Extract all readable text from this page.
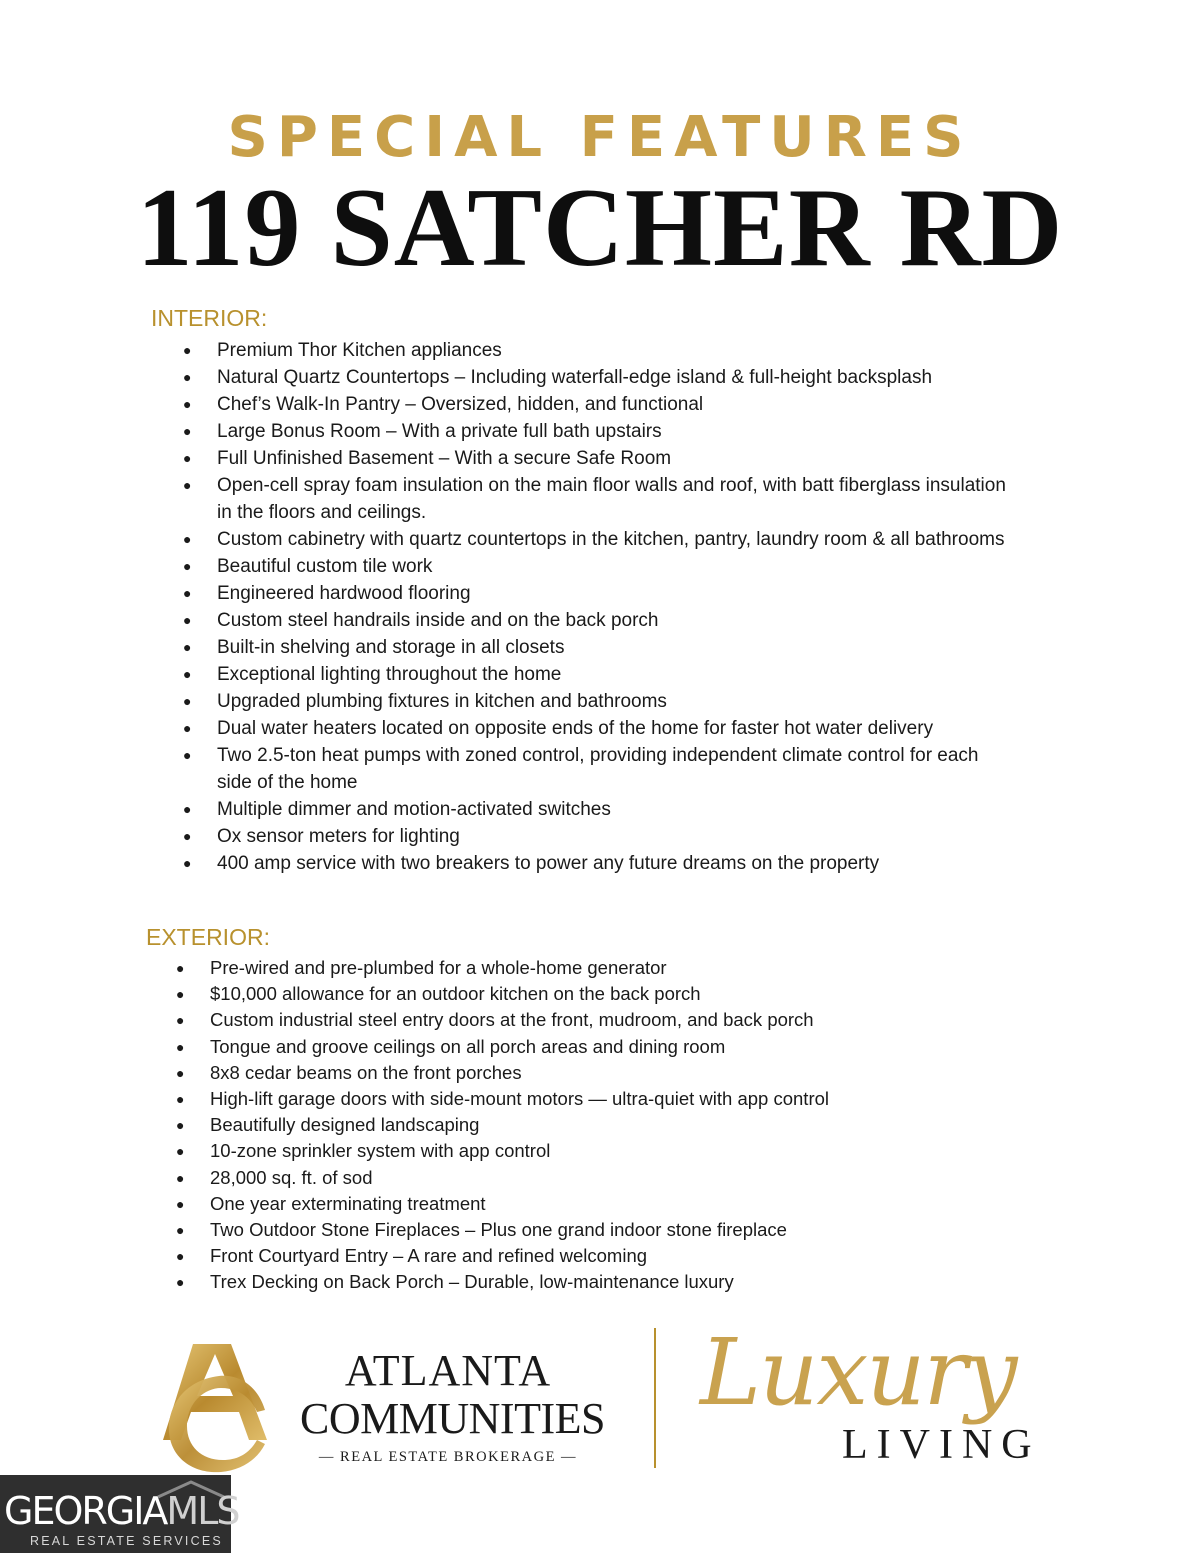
SPECIAL FEATURES
119 SATCHER RD
INTERIOR:
● Premium Thor Kitchen appliances
● Natural Quartz Countertops – Including waterfall-edge island & full-height backsplash
● Chef’s Walk-In Pantry – Oversized, hidden, and functional
● Large Bonus Room – With a private full bath upstairs
● Full Unfinished Basement – With a secure Safe Room
● Open-cell spray foam insulation on the main floor walls and roof, with batt fiberglass insulation in the floors and ceilings.
● Custom cabinetry with quartz countertops in the kitchen, pantry, laundry room & all bathrooms
● Beautiful custom tile work
● Engineered hardwood flooring
● Custom steel handrails inside and on the back porch
● Built-in shelving and storage in all closets
● Exceptional lighting throughout the home
● Upgraded plumbing fixtures in kitchen and bathrooms
● Dual water heaters located on opposite ends of the home for faster hot water delivery
● Two 2.5-ton heat pumps with zoned control, providing independent climate control for each side of the home
● Multiple dimmer and motion-activated switches
● Ox sensor meters for lighting
● 400 amp service with two breakers to power any future dreams on the property
EXTERIOR:
● Pre-wired and pre-plumbed for a whole-home generator
● $10,000 allowance for an outdoor kitchen on the back porch
● Custom industrial steel entry doors at the front, mudroom, and back porch
● Tongue and groove ceilings on all porch areas and dining room
● 8x8 cedar beams on the front porches
● High-lift garage doors with side-mount motors — ultra-quiet with app control
● Beautifully designed landscaping
● 10-zone sprinkler system with app control
● 28,000 sq. ft. of sod
● One year exterminating treatment
● Two Outdoor Stone Fireplaces – Plus one grand indoor stone fireplace
● Front Courtyard Entry – A rare and refined welcoming
● Trex Decking on Back Porch – Durable, low-maintenance luxury
AC
ATLANTA
COMMUNITIES
— REAL ESTATE BROKERAGE —
Luxury
LIVING
GEORGIAMLS
REAL ESTATE SERVICES
